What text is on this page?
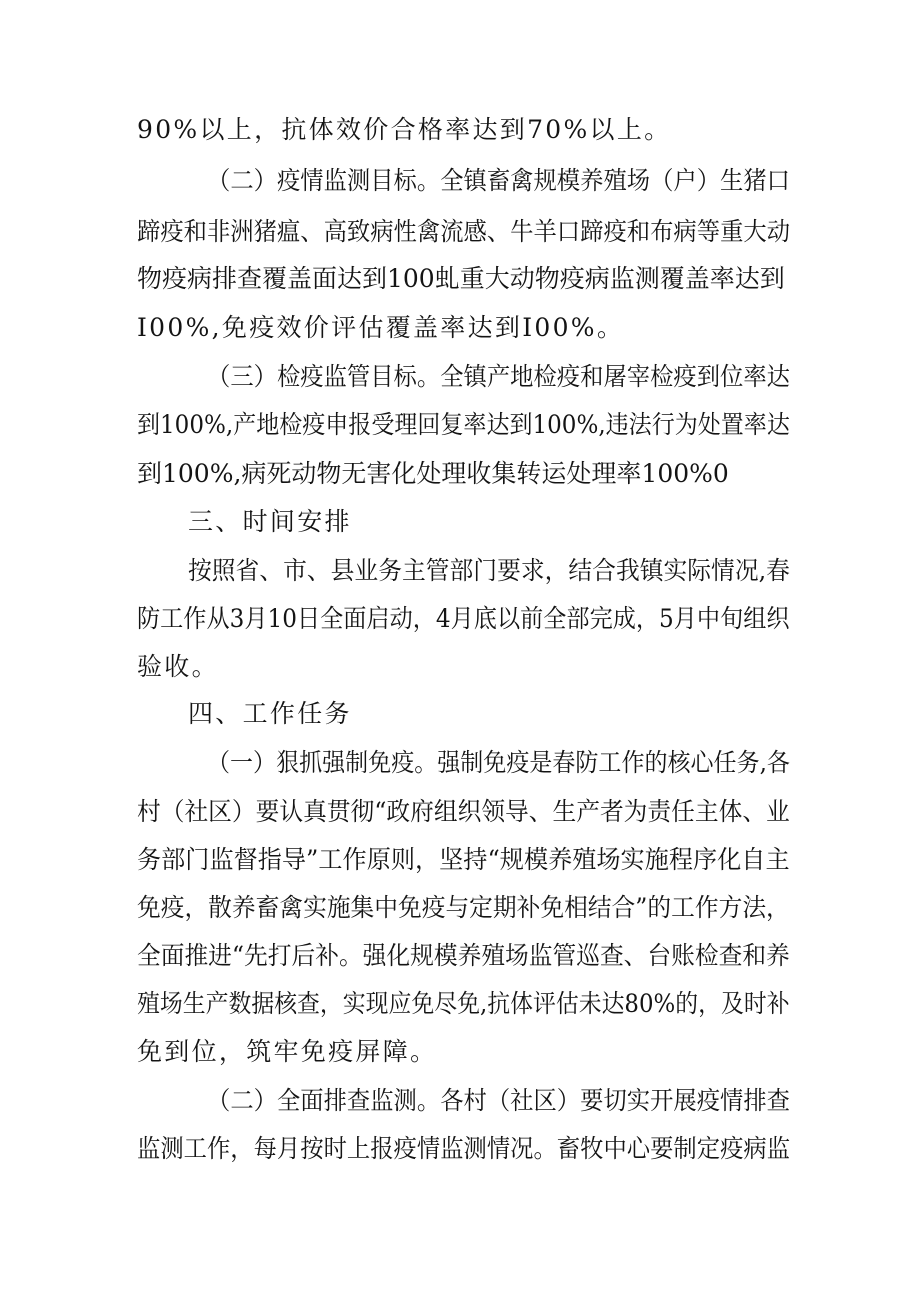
90%以上，抗体效价合格率达到70%以上。
（二）疫情监测目标。全镇畜禽规模养殖场（户）生猪口
蹄疫和非洲猪瘟、高致病性禽流感、牛羊口蹄疫和布病等重大动
物疫病排查覆盖面达到100虬重大动物疫病监测覆盖率达到
I00%,免疫效价评估覆盖率达到I00%。
（三）检疫监管目标。全镇产地检疫和屠宰检疫到位率达
到100%,产地检疫申报受理回复率达到100%,违法行为处置率达
到100%,病死动物无害化处理收集转运处理率100%0
三、时间安排
按照省、市、县业务主管部门要求，结合我镇实际情况,春
防工作从3月10日全面启动，4月底以前全部完成，5月中旬组织
验收。
四、工作任务
（一）狠抓强制免疫。强制免疫是春防工作的核心任务,各
村（社区）要认真贯彻“政府组织领导、生产者为责任主体、业
务部门监督指导”工作原则，坚持“规模养殖场实施程序化自主
免疫，散养畜禽实施集中免疫与定期补免相结合”的工作方法，
全面推进“先打后补。强化规模养殖场监管巡查、台账检查和养
殖场生产数据核查，实现应免尽免,抗体评估未达80%的，及时补
免到位，筑牢免疫屏障。
（二）全面排查监测。各村（社区）要切实开展疫情排查
监测工作，每月按时上报疫情监测情况。畜牧中心要制定疫病监
